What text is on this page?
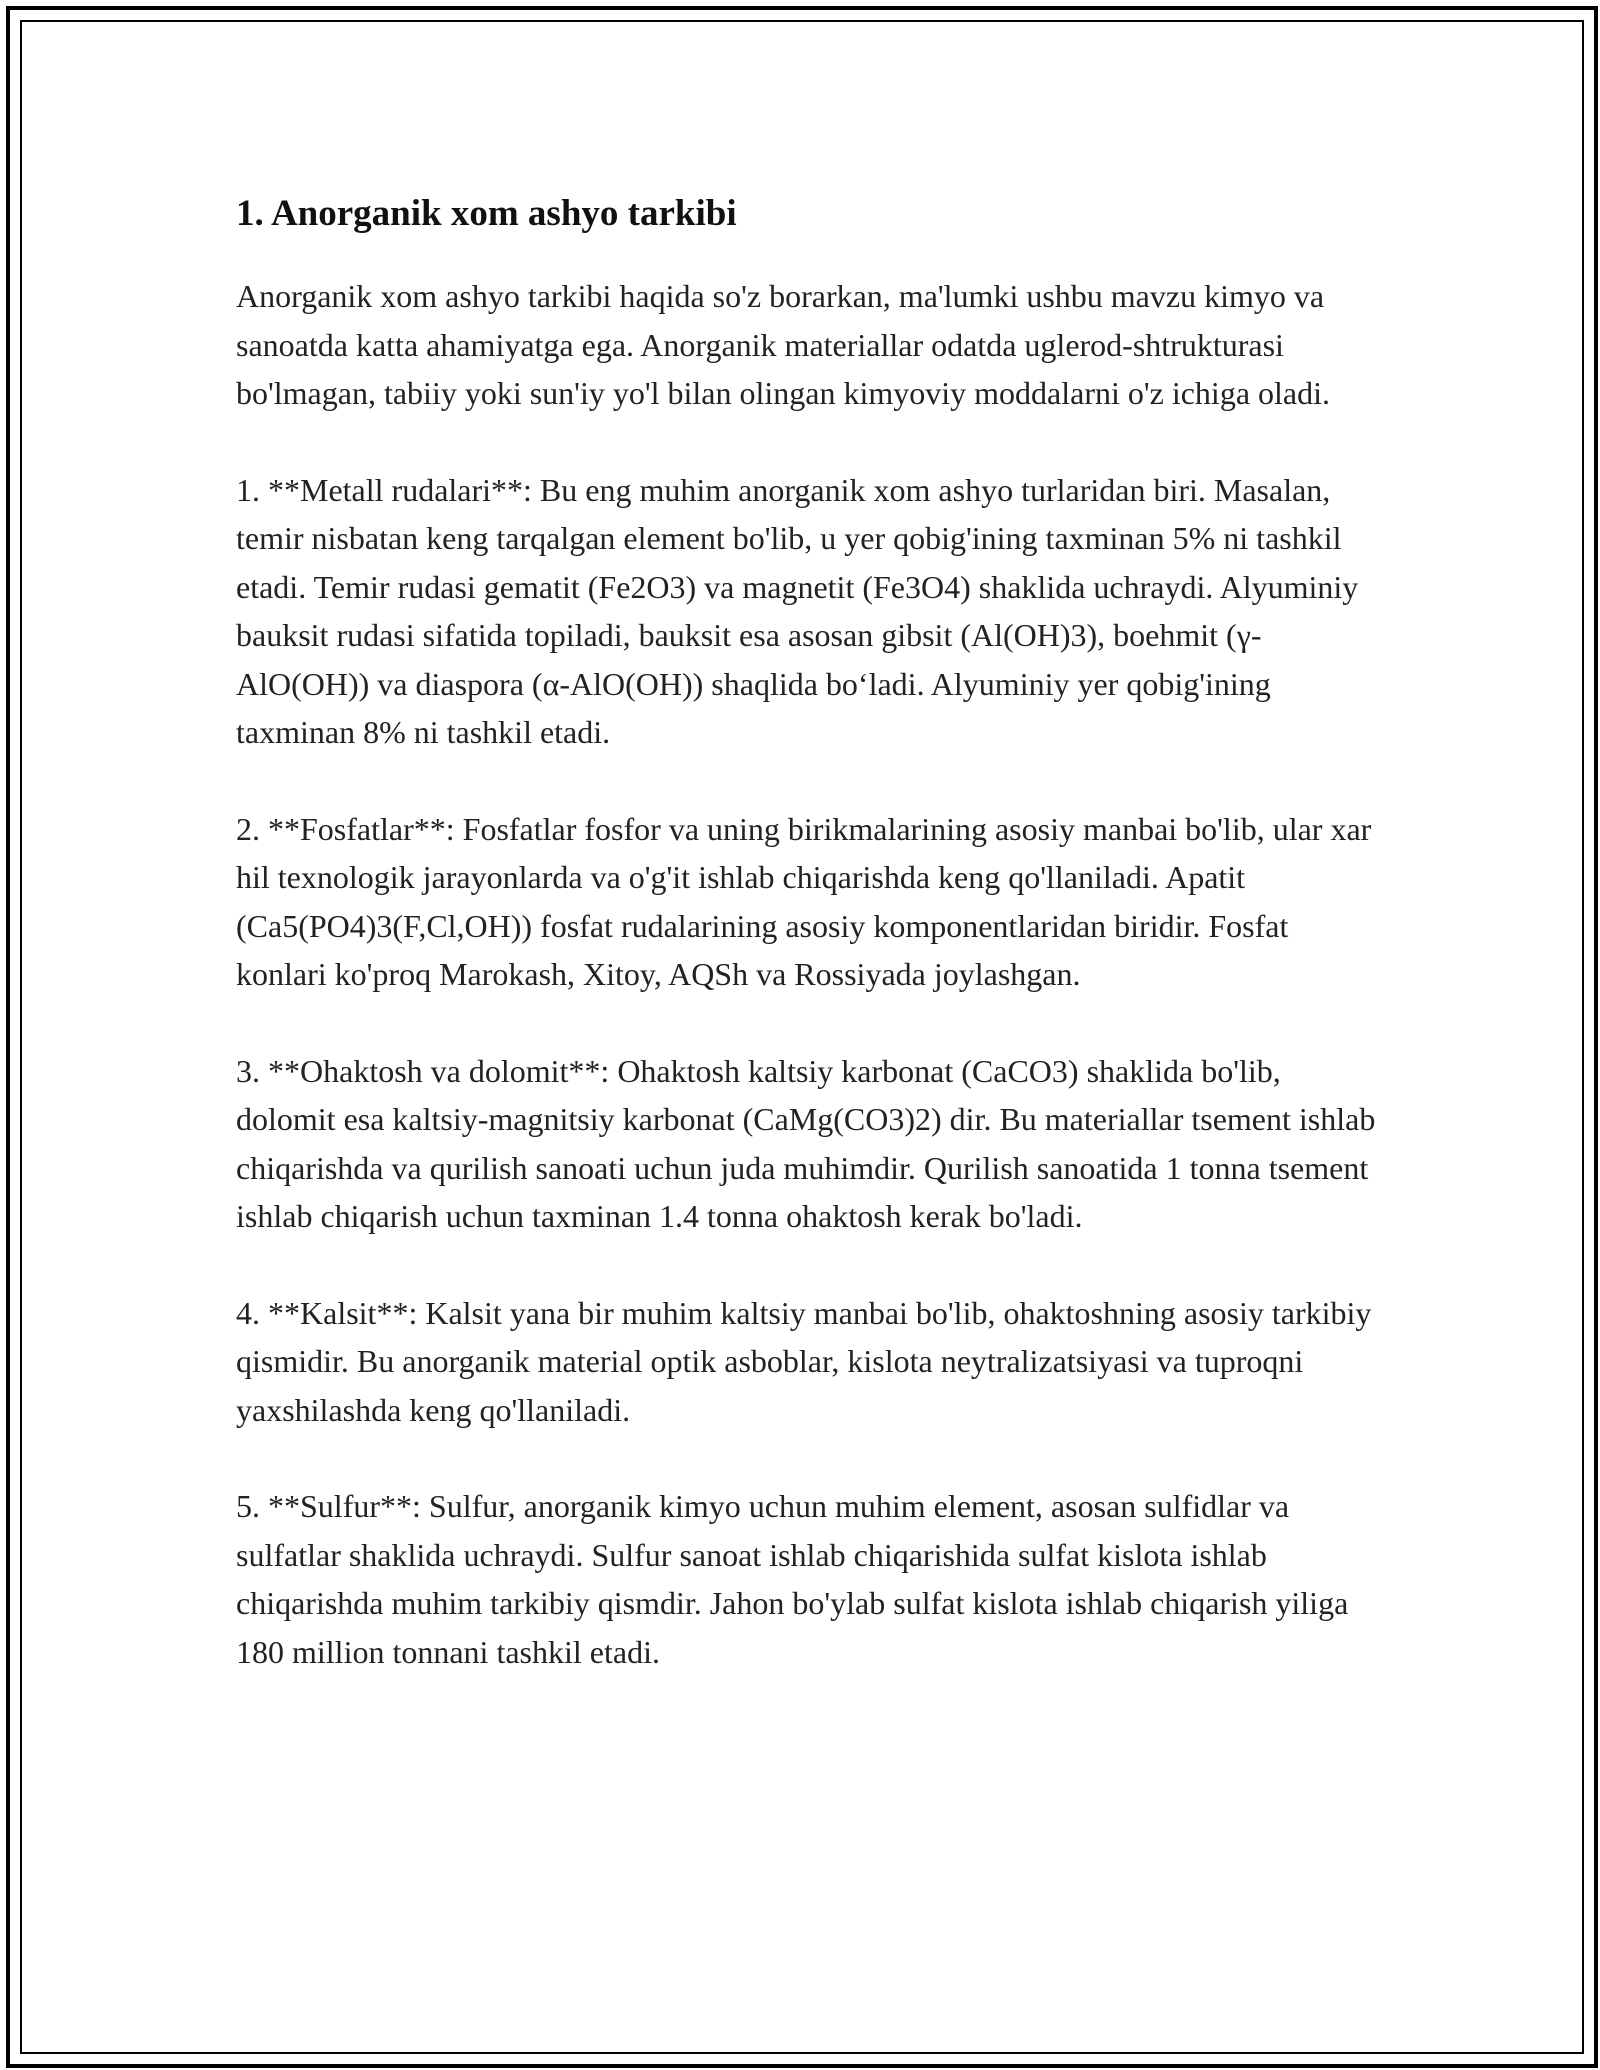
1. Anorganik xom ashyo tarkibi

Anorganik xom ashyo tarkibi haqida so'z borarkan, ma'lumki ushbu mavzu kimyo va sanoatda katta ahamiyatga ega. Anorganik materiallar odatda uglerod-shtrukturasi bo'lmagan, tabiiy yoki sun'iy yo'l bilan olingan kimyoviy moddalarni o'z ichiga oladi.

1. **Metall rudalari**: Bu eng muhim anorganik xom ashyo turlaridan biri. Masalan, temir nisbatan keng tarqalgan element bo'lib, u yer qobig'ining taxminan 5% ni tashkil etadi. Temir rudasi gematit (Fe2O3) va magnetit (Fe3O4) shaklida uchraydi. Alyuminiy bauksit rudasi sifatida topiladi, bauksit esa asosan gibsit (Al(OH)3), boehmit (γ-AlO(OH)) va diaspora (α-AlO(OH)) shaqlida boʻladi. Alyuminiy yer qobig'ining taxminan 8% ni tashkil etadi.

2. **Fosfatlar**: Fosfatlar fosfor va uning birikmalarining asosiy manbai bo'lib, ular xar hil texnologik jarayonlarda va o'g'it ishlab chiqarishda keng qo'llaniladi. Apatit (Ca5(PO4)3(F,Cl,OH)) fosfat rudalarining asosiy komponentlaridan biridir. Fosfat konlari ko'proq Marokash, Xitoy, AQSh va Rossiyada joylashgan.

3. **Ohaktosh va dolomit**: Ohaktosh kaltsiy karbonat (CaCO3) shaklida bo'lib, dolomit esa kaltsiy-magnitsiy karbonat (CaMg(CO3)2) dir. Bu materiallar tsement ishlab chiqarishda va qurilish sanoati uchun juda muhimdir. Qurilish sanoatida 1 tonna tsement ishlab chiqarish uchun taxminan 1.4 tonna ohaktosh kerak bo'ladi.

4. **Kalsit**: Kalsit yana bir muhim kaltsiy manbai bo'lib, ohaktoshning asosiy tarkibiy qismidir. Bu anorganik material optik asboblar, kislota neytralizatsiyasi va tuproqni yaxshilashda keng qo'llaniladi.

5. **Sulfur**: Sulfur, anorganik kimyo uchun muhim element, asosan sulfidlar va sulfatlar shaklida uchraydi. Sulfur sanoat ishlab chiqarishida sulfat kislota ishlab chiqarishda muhim tarkibiy qismdir. Jahon bo'ylab sulfat kislota ishlab chiqarish yiliga 180 million tonnani tashkil etadi.
